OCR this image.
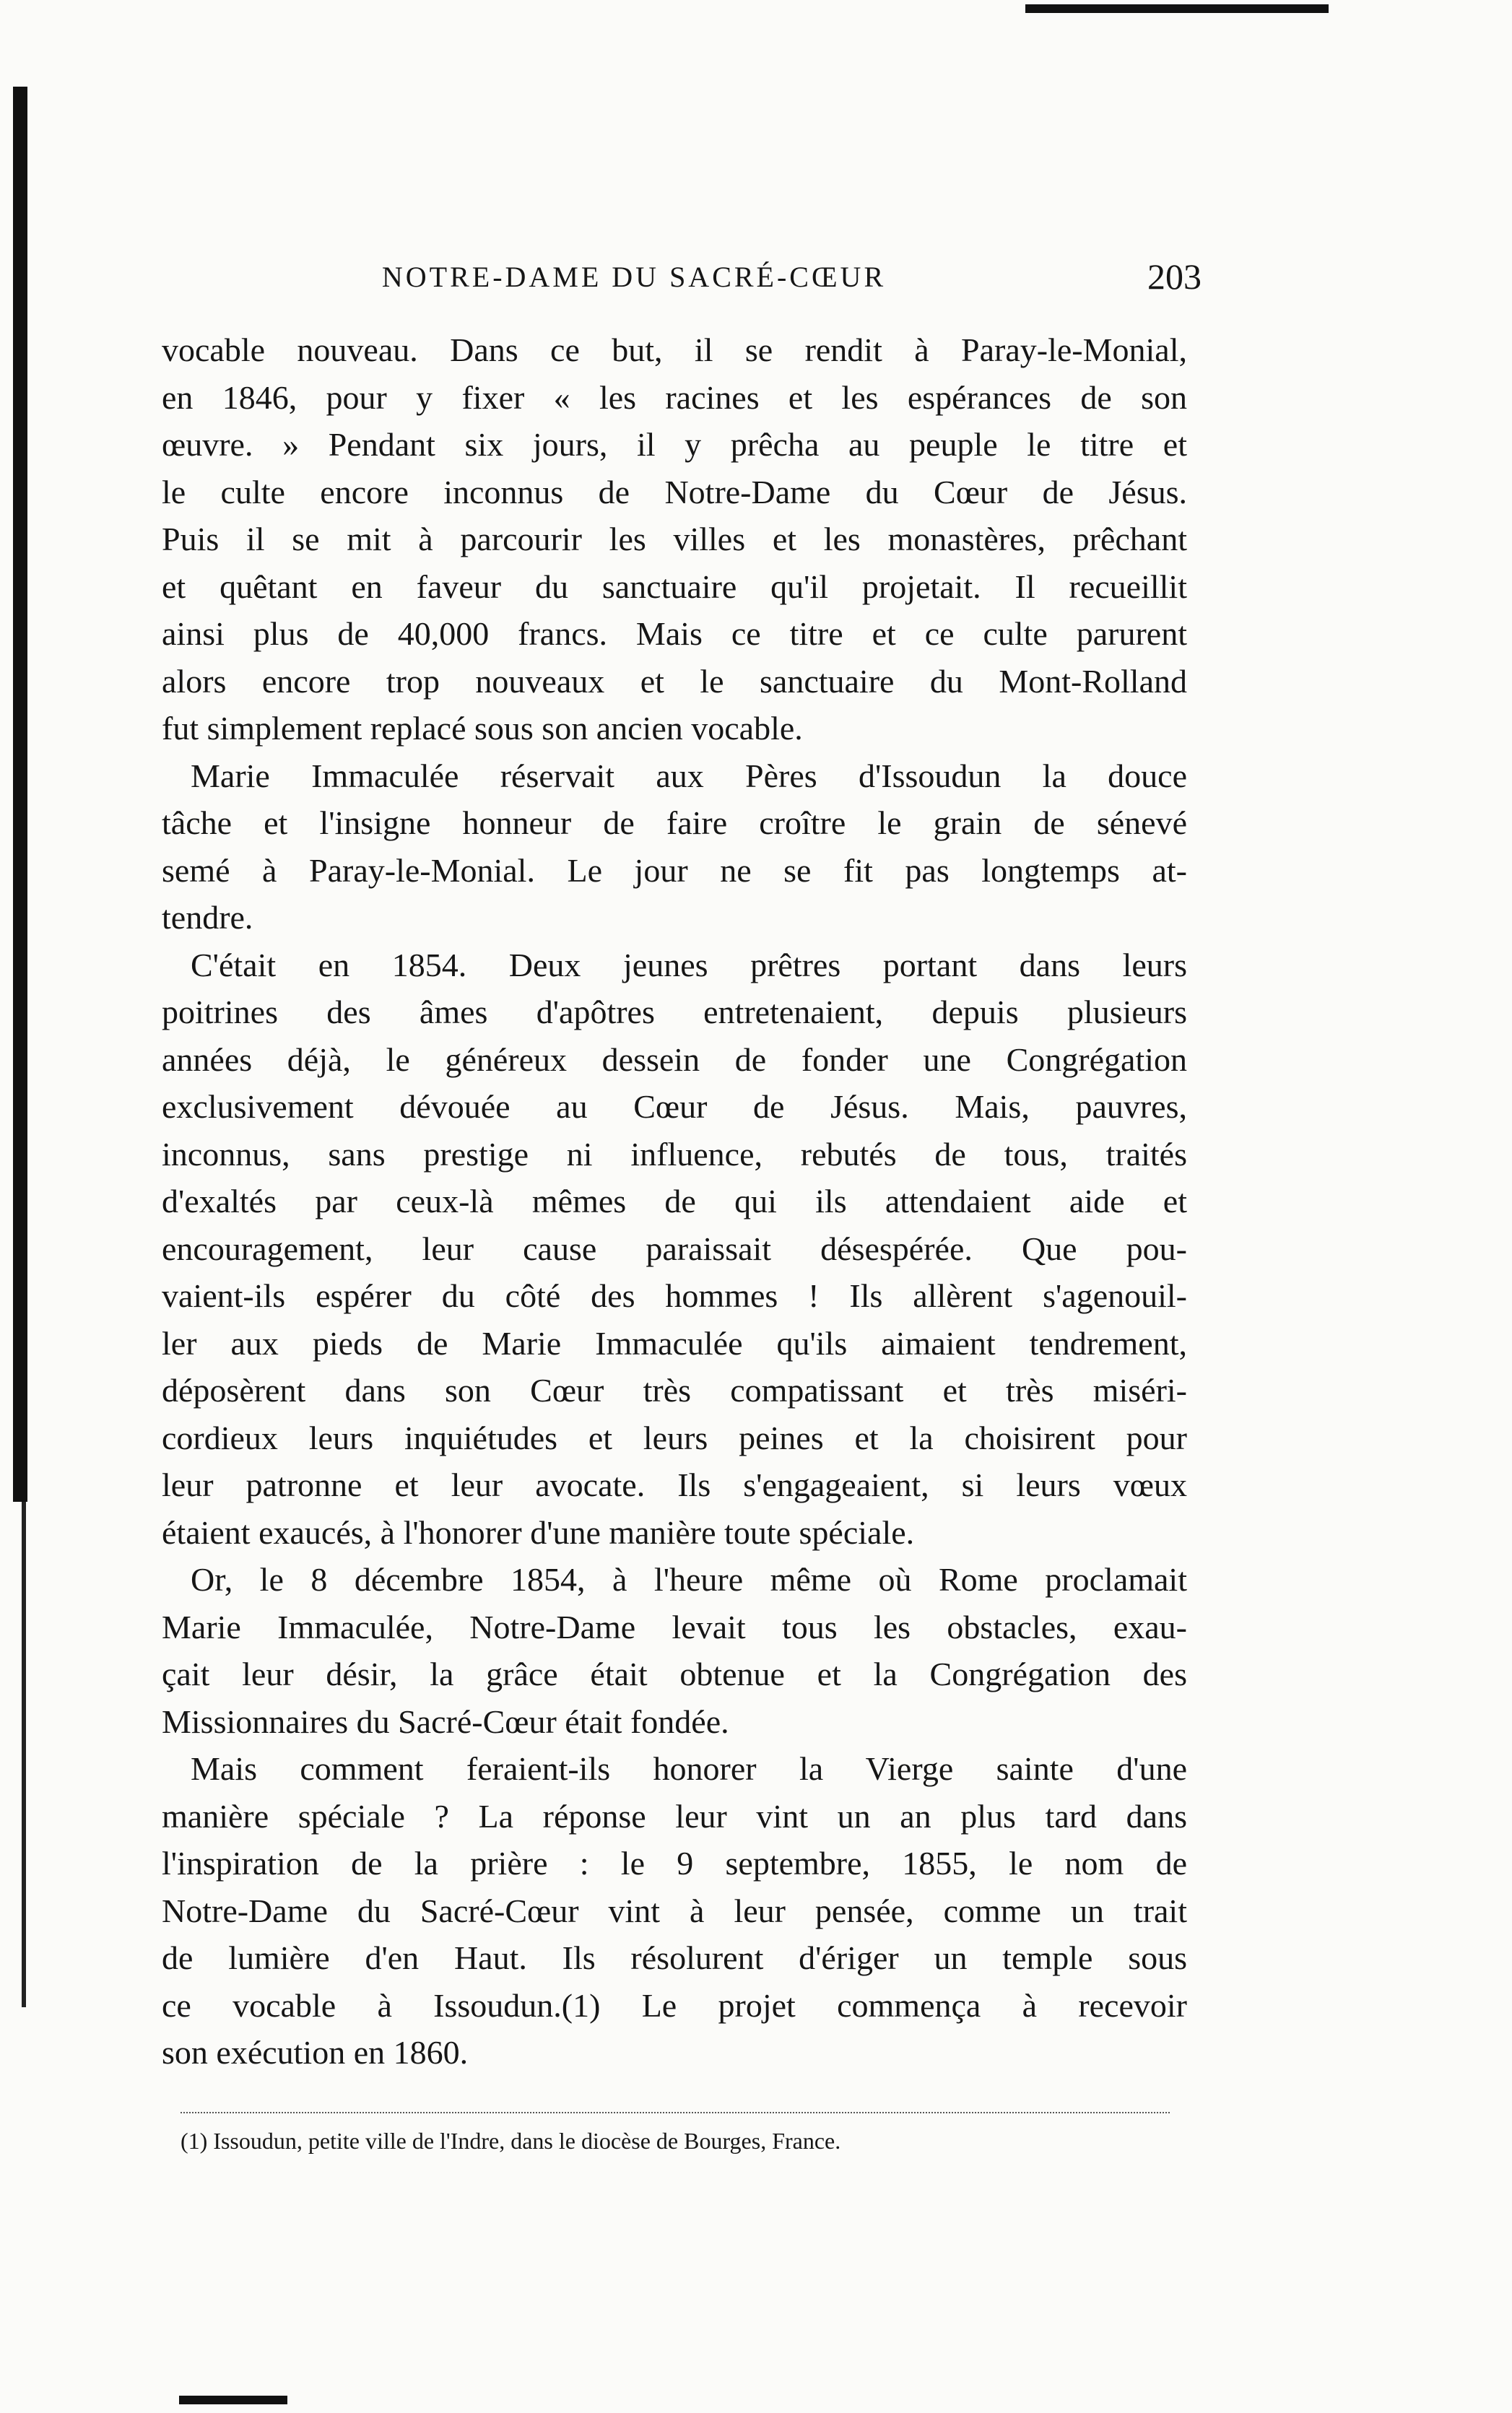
NOTRE-DAME DU SACRÉ-CŒUR	203
vocable nouveau. Dans ce but, il se rendit à Paray-le-Monial,
en 1846, pour y fixer « les racines et les espérances de son
œuvre. » Pendant six jours, il y prêcha au peuple le titre et
le culte encore inconnus de Notre-Dame du Cœur de Jésus.
Puis il se mit à parcourir les villes et les monastères, prêchant
et quêtant en faveur du sanctuaire qu'il projetait. Il recueillit
ainsi plus de 40,000 francs. Mais ce titre et ce culte parurent
alors encore trop nouveaux et le sanctuaire du Mont-Rolland
fut simplement replacé sous son ancien vocable.
Marie Immaculée réservait aux Pères d'Issoudun la douce
tâche et l'insigne honneur de faire croître le grain de sénevé
semé à Paray-le-Monial. Le jour ne se fit pas longtemps at-
tendre.
C'était en 1854. Deux jeunes prêtres portant dans leurs
poitrines des âmes d'apôtres entretenaient, depuis plusieurs
années déjà, le généreux dessein de fonder une Congrégation
exclusivement dévouée au Cœur de Jésus. Mais, pauvres,
inconnus, sans prestige ni influence, rebutés de tous, traités
d'exaltés par ceux-là mêmes de qui ils attendaient aide et
encouragement, leur cause paraissait désespérée. Que pou-
vaient-ils espérer du côté des hommes ! Ils allèrent s'agenouil-
ler aux pieds de Marie Immaculée qu'ils aimaient tendrement,
déposèrent dans son Cœur très compatissant et très miséri-
cordieux leurs inquiétudes et leurs peines et la choisirent pour
leur patronne et leur avocate. Ils s'engageaient, si leurs vœux
étaient exaucés, à l'honorer d'une manière toute spéciale.
Or, le 8 décembre 1854, à l'heure même où Rome proclamait
Marie Immaculée, Notre-Dame levait tous les obstacles, exau-
çait leur désir, la grâce était obtenue et la Congrégation des
Missionnaires du Sacré-Cœur était fondée.
Mais comment feraient-ils honorer la Vierge sainte d'une
manière spéciale ? La réponse leur vint un an plus tard dans
l'inspiration de la prière : le 9 septembre, 1855, le nom de
Notre-Dame du Sacré-Cœur vint à leur pensée, comme un trait
de lumière d'en Haut. Ils résolurent d'ériger un temple sous
ce vocable à Issoudun.(1) Le projet commença à recevoir
son exécution en 1860.
(1) Issoudun, petite ville de l'Indre, dans le diocèse de Bourges, France.
